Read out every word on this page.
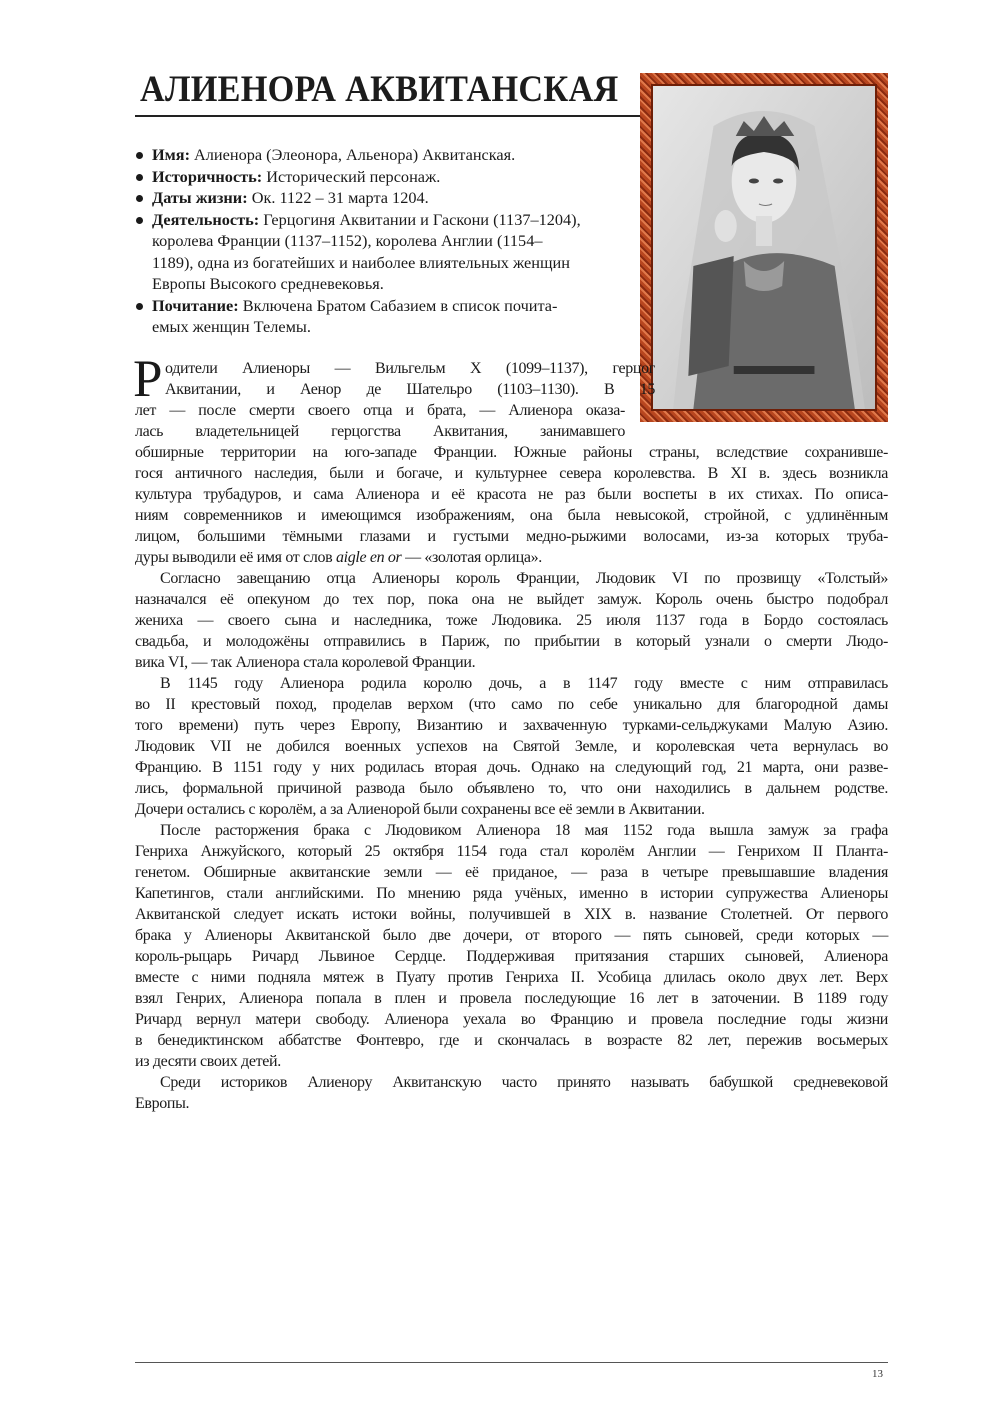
АЛИЕНОРА АКВИТАНСКАЯ
Имя: Алиенора (Элеонора, Альенора) Аквитанская.
Историчность: Исторический персонаж.
Даты жизни: Ок. 1122 – 31 марта 1204.
Деятельность: Герцогиня Аквитании и Гаскони (1137–1204),
королева Франции (1137–1152), королева Англии (1154–
1189), одна из богатейших и наиболее влиятельных женщин
Европы Высокого средневековья.
Почитание: Включена Братом Сабазием в список почита-
емых женщин Телемы.
одители Алиеноры — Вильгельм X (1099–1137), герцог
Аквитании, и Аенор де Шательро (1103–1130). В 15
лет — после смерти своего отца и брата, — Алиенора оказа-
лась владетельницей герцогства Аквитания, занимавшего
обширные территории на юго-западе Франции. Южные районы страны, вследствие сохранивше-
гося античного наследия, были и богаче, и культурнее севера королевства. В XI в. здесь возникла
культура трубадуров, и сама Алиенора и её красота не раз были воспеты в их стихах. По описа-
ниям современников и имеющимся изображениям, она была невысокой, стройной, с удлинённым
лицом, большими тёмными глазами и густыми медно-рыжими волосами, из-за которых труба-
дуры выводили её имя от слов aigle en or — «золотая орлица».
Р
Согласно завещанию отца Алиеноры король Франции, Людовик VI по прозвищу «Толстый»
назначался её опекуном до тех пор, пока она не выйдет замуж. Король очень быстро подобрал
жениха — своего сына и наследника, тоже Людовика. 25 июля 1137 года в Бордо состоялась
свадьба, и молодожёны отправились в Париж, по прибытии в который узнали о смерти Людо-
вика VI, — так Алиенора стала королевой Франции.
В 1145 году Алиенора родила королю дочь, а в 1147 году вместе с ним отправилась
во II крестовый поход, проделав верхом (что само по себе уникально для благородной дамы
того времени) путь через Европу, Византию и захваченную турками-сельджуками Малую Азию.
Людовик VII не добился военных успехов на Святой Земле, и королевская чета вернулась во
Францию. В 1151 году у них родилась вторая дочь. Однако на следующий год, 21 марта, они разве-
лись, формальной причиной развода было объявлено то, что они находились в дальнем родстве.
Дочери остались с королём, а за Алиенорой были сохранены все её земли в Аквитании.
После расторжения брака с Людовиком Алиенора 18 мая 1152 года вышла замуж за графа
Генриха Анжуйского, который 25 октября 1154 года стал королём Англии — Генрихом II Планта-
генетом. Обширные аквитанские земли — её приданое, — раза в четыре превышавшие владения
Капетингов, стали английскими. По мнению ряда учёных, именно в истории супружества Алиеноры
Аквитанской следует искать истоки войны, получившей в XIX в. название Столетней. От первого
брака у Алиеноры Аквитанской было две дочери, от второго — пять сыновей, среди которых —
король-рыцарь Ричард Львиное Сердце. Поддерживая притязания старших сыновей, Алиенора
вместе с ними подняла мятеж в Пуату против Генриха II. Усобица длилась около двух лет. Верх
взял Генрих, Алиенора попала в плен и провела последующие 16 лет в заточении. В 1189 году
Ричард вернул матери свободу. Алиенора уехала во Францию и провела последние годы жизни
в бенедиктинском аббатстве Фонтевро, где и скончалась в возрасте 82 лет, пережив восьмерых
из десяти своих детей.
Среди историков Алиенору Аквитанскую часто принято называть бабушкой средневековой
Европы.
13
